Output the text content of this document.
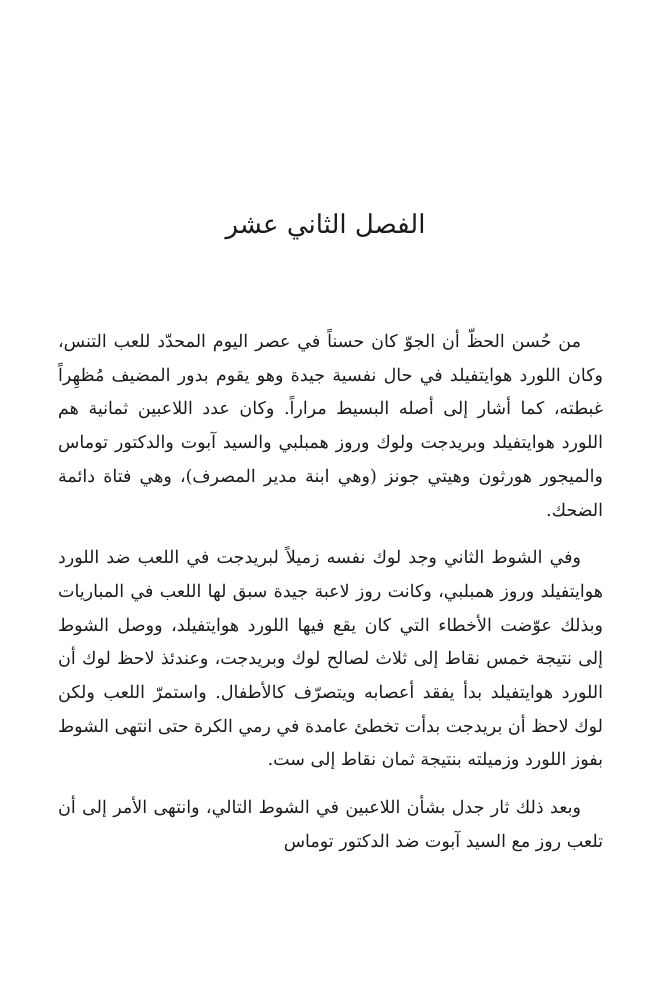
الفصل الثاني عشر

من حُسن الحظّ أن الجوّ كان حسناً في عصر اليوم المحدّد للعب التنس، وكان اللورد هوايتفيلد في حال نفسية جيدة وهو يقوم بدور المضيف مُظهِراً غبطته، كما أشار إلى أصله البسيط مراراً. وكان عدد اللاعبين ثمانية هم اللورد هوايتفيلد وبريدجت ولوك وروز همبلبي والسيد آبوت والدكتور توماس والميجور هورثون وهيتي جونز (وهي ابنة مدير المصرف)، وهي فتاة دائمة الضحك.

وفي الشوط الثاني وجد لوك نفسه زميلاً لبريدجت في اللعب ضد اللورد هوايتفيلد وروز همبلبي، وكانت روز لاعبة جيدة سبق لها اللعب في المباريات وبذلك عوّضت الأخطاء التي كان يقع فيها اللورد هوايتفيلد، ووصل الشوط إلى نتيجة خمس نقاط إلى ثلاث لصالح لوك وبريدجت، وعندئذ لاحظ لوك أن اللورد هوايتفيلد بدأ يفقد أعصابه ويتصرّف كالأطفال. واستمرّ اللعب ولكن لوك لاحظ أن بريدجت بدأت تخطئ عامدة في رمي الكرة حتى انتهى الشوط بفوز اللورد وزميلته بنتيجة ثمان نقاط إلى ست.

وبعد ذلك ثار جدل بشأن اللاعبين في الشوط التالي، وانتهى الأمر إلى أن تلعب روز مع السيد آبوت ضد الدكتور توماس
